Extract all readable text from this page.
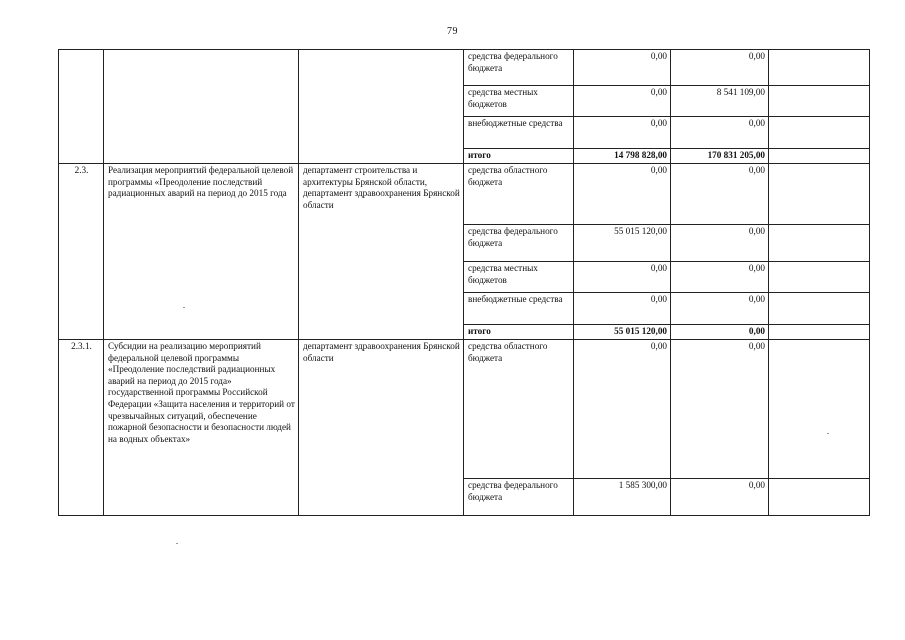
79
			средства федерального бюджета	0,00	0,00	
			средства местных бюджетов	0,00	8 541 109,00	
			внебюджетные средства	0,00	0,00	
			итого	14 798 828,00	170 831 205,00	
2.3.	Реализация мероприятий федеральной целевой программы «Преодоление последствий радиационных аварий на период до 2015 года	департамент строительства и архитектуры Брянской области, департамент здравоохранения Брянской области	средства областного бюджета	0,00	0,00	
			средства федерального бюджета	55 015 120,00	0,00	
			средства местных бюджетов	0,00	0,00	
			внебюджетные средства	0,00	0,00	
			итого	55 015 120,00	0,00	
2.3.1.	Субсидии на реализацию мероприятий федеральной целевой программы «Преодоление последствий радиационных аварий на период до 2015 года» государственной программы Российской Федерации «Защита населения и территорий от чрезвычайных ситуаций, обеспечение пожарной безопасности и безопасности людей на водных объектах»	департамент здравоохранения Брянской области	средства областного бюджета	0,00	0,00	
			средства федерального бюджета	1 585 300,00	0,00	
